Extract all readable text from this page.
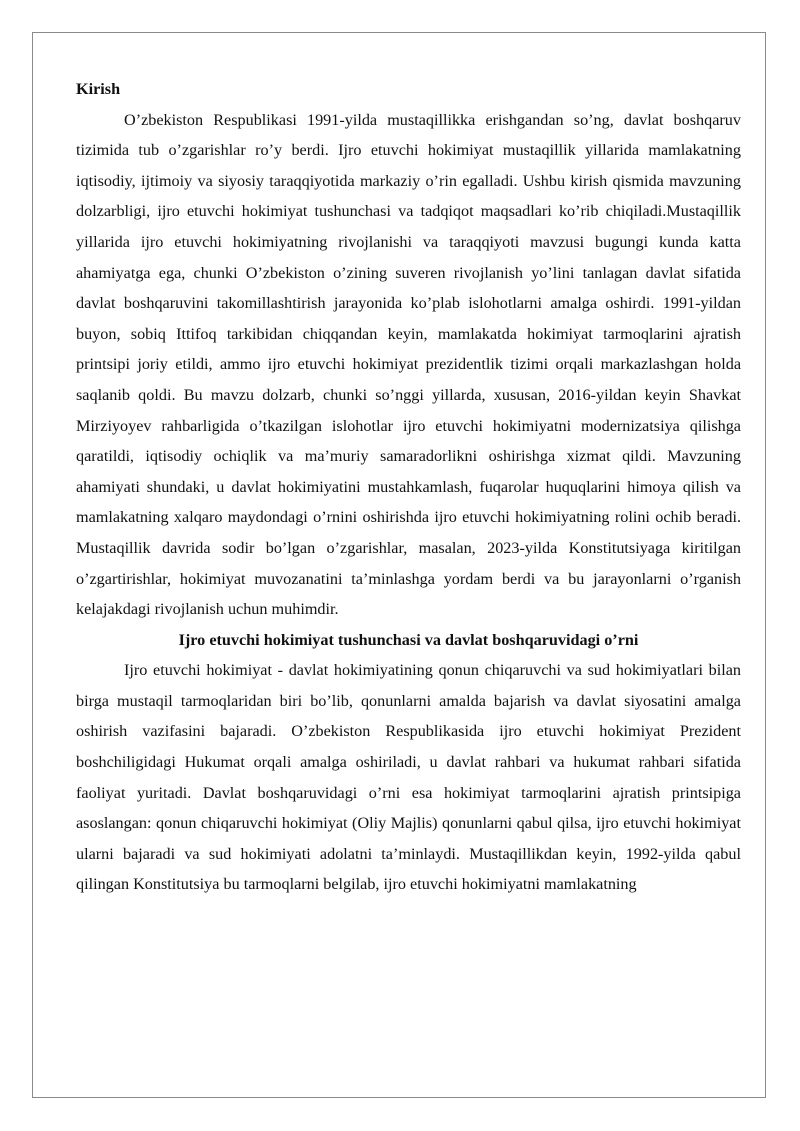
Kirish

O’zbekiston Respublikasi 1991-yilda mustaqillikka erishgandan so’ng, davlat boshqaruv tizimida tub o’zgarishlar ro’y berdi. Ijro etuvchi hokimiyat mustaqillik yillarida mamlakatning iqtisodiy, ijtimoiy va siyosiy taraqqiyotida markaziy o’rin egalladi. Ushbu kirish qismida mavzuning dolzarbligi, ijro etuvchi hokimiyat tushunchasi va tadqiqot maqsadlari ko’rib chiqiladi.Mustaqillik yillarida ijro etuvchi hokimiyatning rivojlanishi va taraqqiyoti mavzusi bugungi kunda katta ahamiyatga ega, chunki O’zbekiston o’zining suveren rivojlanish yo’lini tanlagan davlat sifatida davlat boshqaruvini takomillashtirish jarayonida ko’plab islohotlarni amalga oshirdi. 1991-yildan buyon, sobiq Ittifoq tarkibidan chiqqandan keyin, mamlakatda hokimiyat tarmoqlarini ajratish printsipi joriy etildi, ammo ijro etuvchi hokimiyat prezidentlik tizimi orqali markazlashgan holda saqlanib qoldi. Bu mavzu dolzarb, chunki so’nggi yillarda, xususan, 2016-yildan keyin Shavkat Mirziyoyev rahbarligida o’tkazilgan islohotlar ijro etuvchi hokimiyatni modernizatsiya qilishga qaratildi, iqtisodiy ochiqlik va ma’muriy samaradorlikni oshirishga xizmat qildi. Mavzuning ahamiyati shundaki, u davlat hokimiyatini mustahkamlash, fuqarolar huquqlarini himoya qilish va mamlakatning xalqaro maydondagi o’rnini oshirishda ijro etuvchi hokimiyatning rolini ochib beradi. Mustaqillik davrida sodir bo’lgan o’zgarishlar, masalan, 2023-yilda Konstitutsiyaga kiritilgan o’zgartirishlar, hokimiyat muvozanatini ta’minlashga yordam berdi va bu jarayonlarni o’rganish kelajakdagi rivojlanish uchun muhimdir.

Ijro etuvchi hokimiyat tushunchasi va davlat boshqaruvidagi o’rni

Ijro etuvchi hokimiyat - davlat hokimiyatining qonun chiqaruvchi va sud hokimiyatlari bilan birga mustaqil tarmoqlaridan biri bo’lib, qonunlarni amalda bajarish va davlat siyosatini amalga oshirish vazifasini bajaradi. O’zbekiston Respublikasida ijro etuvchi hokimiyat Prezident boshchiligidagi Hukumat orqali amalga oshiriladi, u davlat rahbari va hukumat rahbari sifatida faoliyat yuritadi. Davlat boshqaruvidagi o’rni esa hokimiyat tarmoqlarini ajratish printsipiga asoslangan: qonun chiqaruvchi hokimiyat (Oliy Majlis) qonunlarni qabul qilsa, ijro etuvchi hokimiyat ularni bajaradi va sud hokimiyati adolatni ta’minlaydi. Mustaqillikdan keyin, 1992-yilda qabul qilingan Konstitutsiya bu tarmoqlarni belgilab, ijro etuvchi hokimiyatni mamlakatning
